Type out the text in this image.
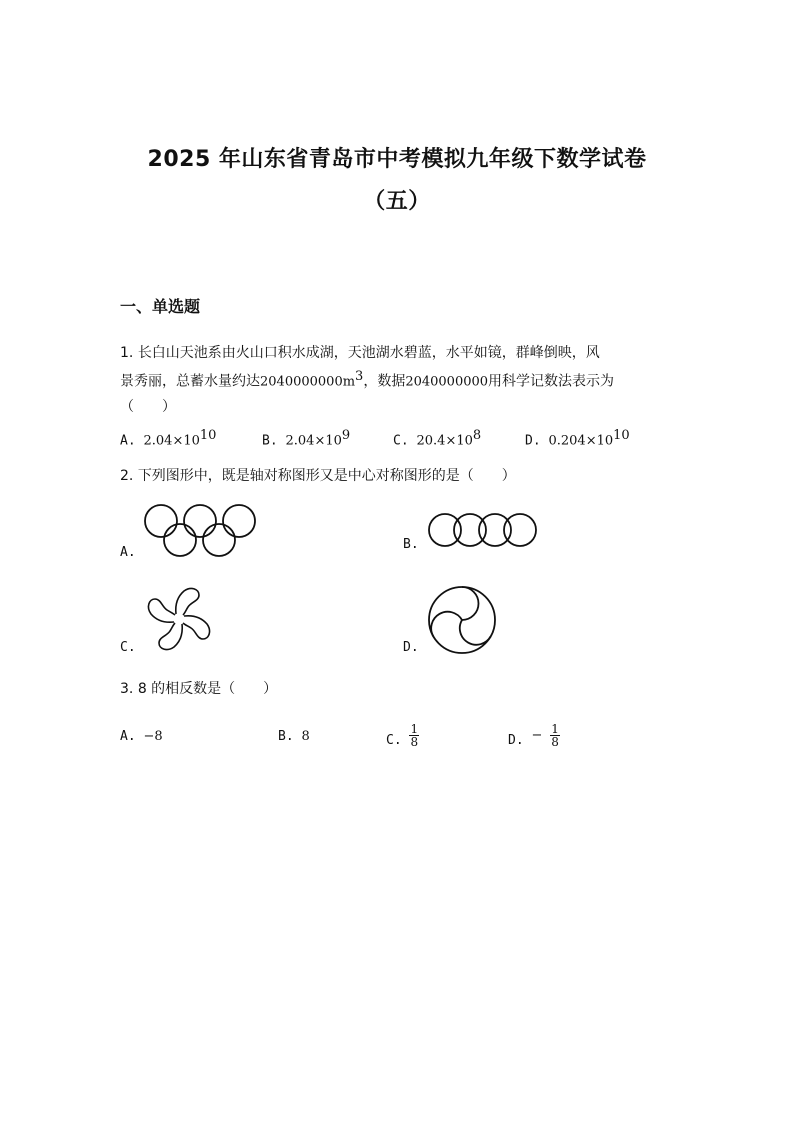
2025 年山东省青岛市中考模拟九年级下数学试卷
（五）
一、单选题
1. 长白山天池系由火山口积水成湖，天池湖水碧蓝，水平如镜，群峰倒映，风
景秀丽，总蓄水量约达$2040000000m^3$，数据2040000000用科学记数法表示为
（　　）
A. $2.04\times 10^{10}$	B. $2.04\times 10^9$	C. $20.4\times 10^8$	D. $0.204\times 10^{10}$
2. 下列图形中，既是轴对称图形又是中心对称图形的是（　　）
A.
B.
C.	D.
3. 8 的相反数是（　　）
A. −8	B. 8	C. $\frac{1}{8}$	D. − $\frac{1}{8}$
